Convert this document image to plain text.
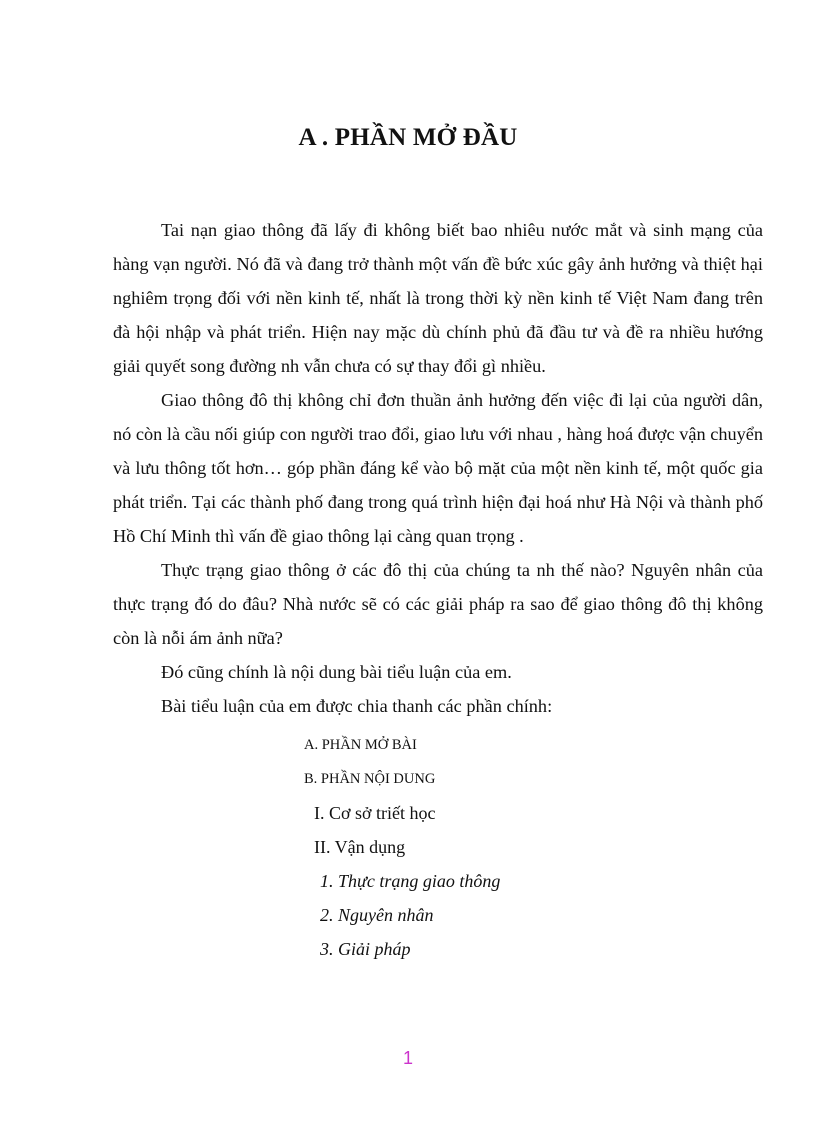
A . PHẦN MỞ ĐẦU

Tai nạn giao thông đã lấy đi không biết bao nhiêu nước mắt và sinh mạng của hàng vạn người. Nó đã và đang trở thành một vấn đề bức xúc gây ảnh hưởng và thiệt hại nghiêm trọng đối với nền kinh tế, nhất là trong thời kỳ nền kinh tế Việt Nam đang trên đà hội nhập và phát triển. Hiện nay mặc dù chính phủ đã đầu tư và đề ra nhiều hướng giải quyết song đường nh vẫn chưa có sự thay đổi gì nhiều.

Giao thông đô thị không chỉ đơn thuần ảnh hưởng đến việc đi lại của người dân, nó còn là cầu nối giúp con người trao đổi, giao lưu với nhau , hàng hoá được vận chuyển và lưu thông tốt hơn… góp phần đáng kể vào bộ mặt của một nền kinh tế, một quốc gia phát triển. Tại các thành phố đang trong quá trình hiện đại hoá như Hà Nội và thành phố Hồ Chí Minh thì vấn đề giao thông lại càng quan trọng .

Thực trạng giao thông ở các đô thị của chúng ta nh thế nào? Nguyên nhân của thực trạng đó do đâu? Nhà nước sẽ có các giải pháp ra sao để giao thông đô thị không còn là nỗi ám ảnh nữa?

Đó cũng chính là nội dung bài tiểu luận của em.

Bài tiểu luận của em được chia thanh các phần chính:

A. PHẦN MỞ BÀI
B. PHẦN NỘI DUNG
I. Cơ sở triết học
II. Vận dụng
1. Thực trạng giao thông
2. Nguyên nhân
3. Giải pháp
1
